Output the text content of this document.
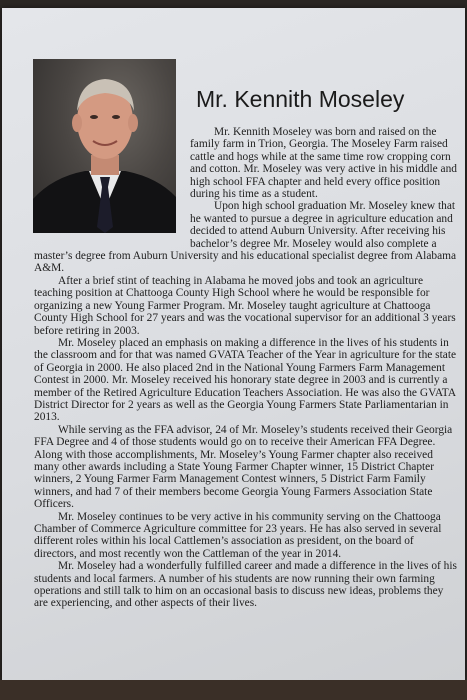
Mr. Kennith Moseley

Mr. Kennith Moseley was born and raised on the family farm in Trion, Georgia. The Moseley Farm raised cattle and hogs while at the same time row cropping corn and cotton. Mr. Moseley was very active in his middle and high school FFA chapter and held every office position during his time as a student.

Upon high school graduation Mr. Moseley knew that he wanted to pursue a degree in agriculture education and decided to attend Auburn University. After receiving his bachelor’s degree Mr. Moseley would also complete a master’s degree from Auburn University and his educational specialist degree from Alabama A&M.

After a brief stint of teaching in Alabama he moved jobs and took an agriculture teaching position at Chattooga County High School where he would be responsible for organizing a new Young Farmer Program. Mr. Moseley taught agriculture at Chattooga County High School for 27 years and was the vocational supervisor for an additional 3 years before retiring in 2003.

Mr. Moseley placed an emphasis on making a difference in the lives of his students in the classroom and for that was named GVATA Teacher of the Year in agriculture for the state of Georgia in 2000. He also placed 2nd in the National Young Farmers Farm Management Contest in 2000. Mr. Moseley received his honorary state degree in 2003 and is currently a member of the Retired Agriculture Education Teachers Association. He was also the GVATA District Director for 2 years as well as the Georgia Young Farmers State Parliamentarian in 2013.

While serving as the FFA advisor, 24 of Mr. Moseley’s students received their Georgia FFA Degree and 4 of those students would go on to receive their American FFA Degree. Along with those accomplishments, Mr. Moseley’s Young Farmer chapter also received many other awards including a State Young Farmer Chapter winner, 15 District Chapter winners, 2 Young Farmer Farm Management Contest winners, 5 District Farm Family winners, and had 7 of their members become Georgia Young Farmers Association State Officers.

Mr. Moseley continues to be very active in his community serving on the Chattooga Chamber of Commerce Agriculture committee for 23 years. He has also served in several different roles within his local Cattlemen’s association as president, on the board of directors, and most recently won the Cattleman of the year in 2014.

Mr. Moseley had a wonderfully fulfilled career and made a difference in the lives of his students and local farmers. A number of his students are now running their own farming operations and still talk to him on an occasional basis to discuss new ideas, problems they are experiencing, and other aspects of their lives.
